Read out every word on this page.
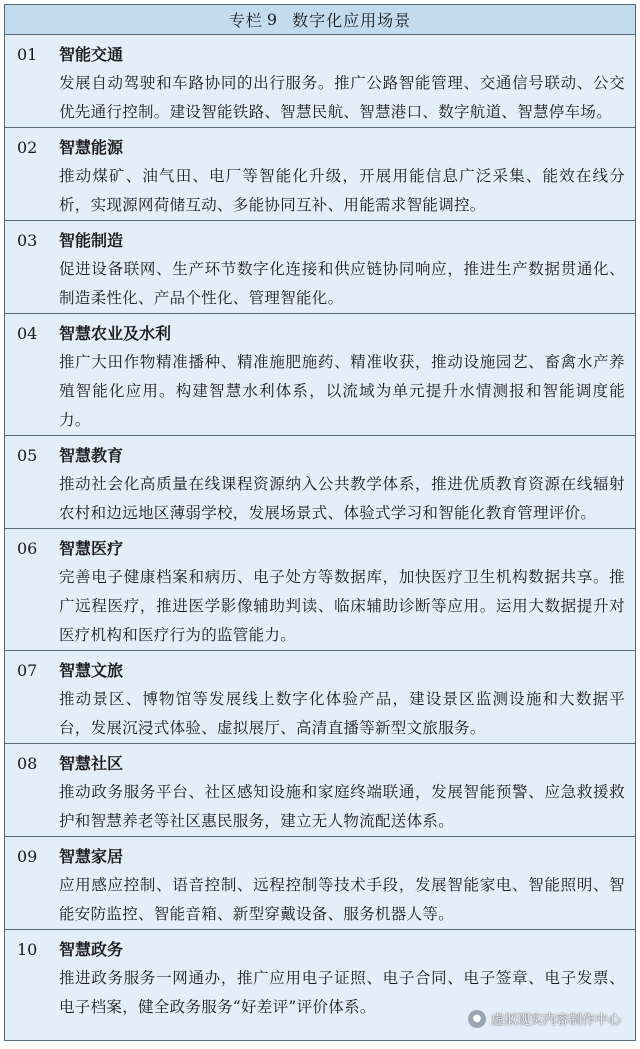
专栏 9 数字化应用场景
01 智能交通
发展自动驾驶和车路协同的出行服务。推广公路智能管理、交通信号联动、公交优先通行控制。建设智能铁路、智慧民航、智慧港口、数字航道、智慧停车场。
02 智慧能源
推动煤矿、油气田、电厂等智能化升级，开展用能信息广泛采集、能效在线分析，实现源网荷储互动、多能协同互补、用能需求智能调控。
03 智能制造
促进设备联网、生产环节数字化连接和供应链协同响应，推进生产数据贯通化、制造柔性化、产品个性化、管理智能化。
04 智慧农业及水利
推广大田作物精准播种、精准施肥施药、精准收获，推动设施园艺、畜禽水产养殖智能化应用。构建智慧水利体系，以流域为单元提升水情测报和智能调度能力。
05 智慧教育
推动社会化高质量在线课程资源纳入公共教学体系，推进优质教育资源在线辐射农村和边远地区薄弱学校，发展场景式、体验式学习和智能化教育管理评价。
06 智慧医疗
完善电子健康档案和病历、电子处方等数据库，加快医疗卫生机构数据共享。推广远程医疗，推进医学影像辅助判读、临床辅助诊断等应用。运用大数据提升对医疗机构和医疗行为的监管能力。
07 智慧文旅
推动景区、博物馆等发展线上数字化体验产品，建设景区监测设施和大数据平台，发展沉浸式体验、虚拟展厅、高清直播等新型文旅服务。
08 智慧社区
推动政务服务平台、社区感知设施和家庭终端联通，发展智能预警、应急救援救护和智慧养老等社区惠民服务，建立无人物流配送体系。
09 智慧家居
应用感应控制、语音控制、远程控制等技术手段，发展智能家电、智能照明、智能安防监控、智能音箱、新型穿戴设备、服务机器人等。
10 智慧政务
推进政务服务一网通办，推广应用电子证照、电子合同、电子签章、电子发票、电子档案，健全政务服务“好差评”评价体系。
● 虚拟现实内容制作中心
